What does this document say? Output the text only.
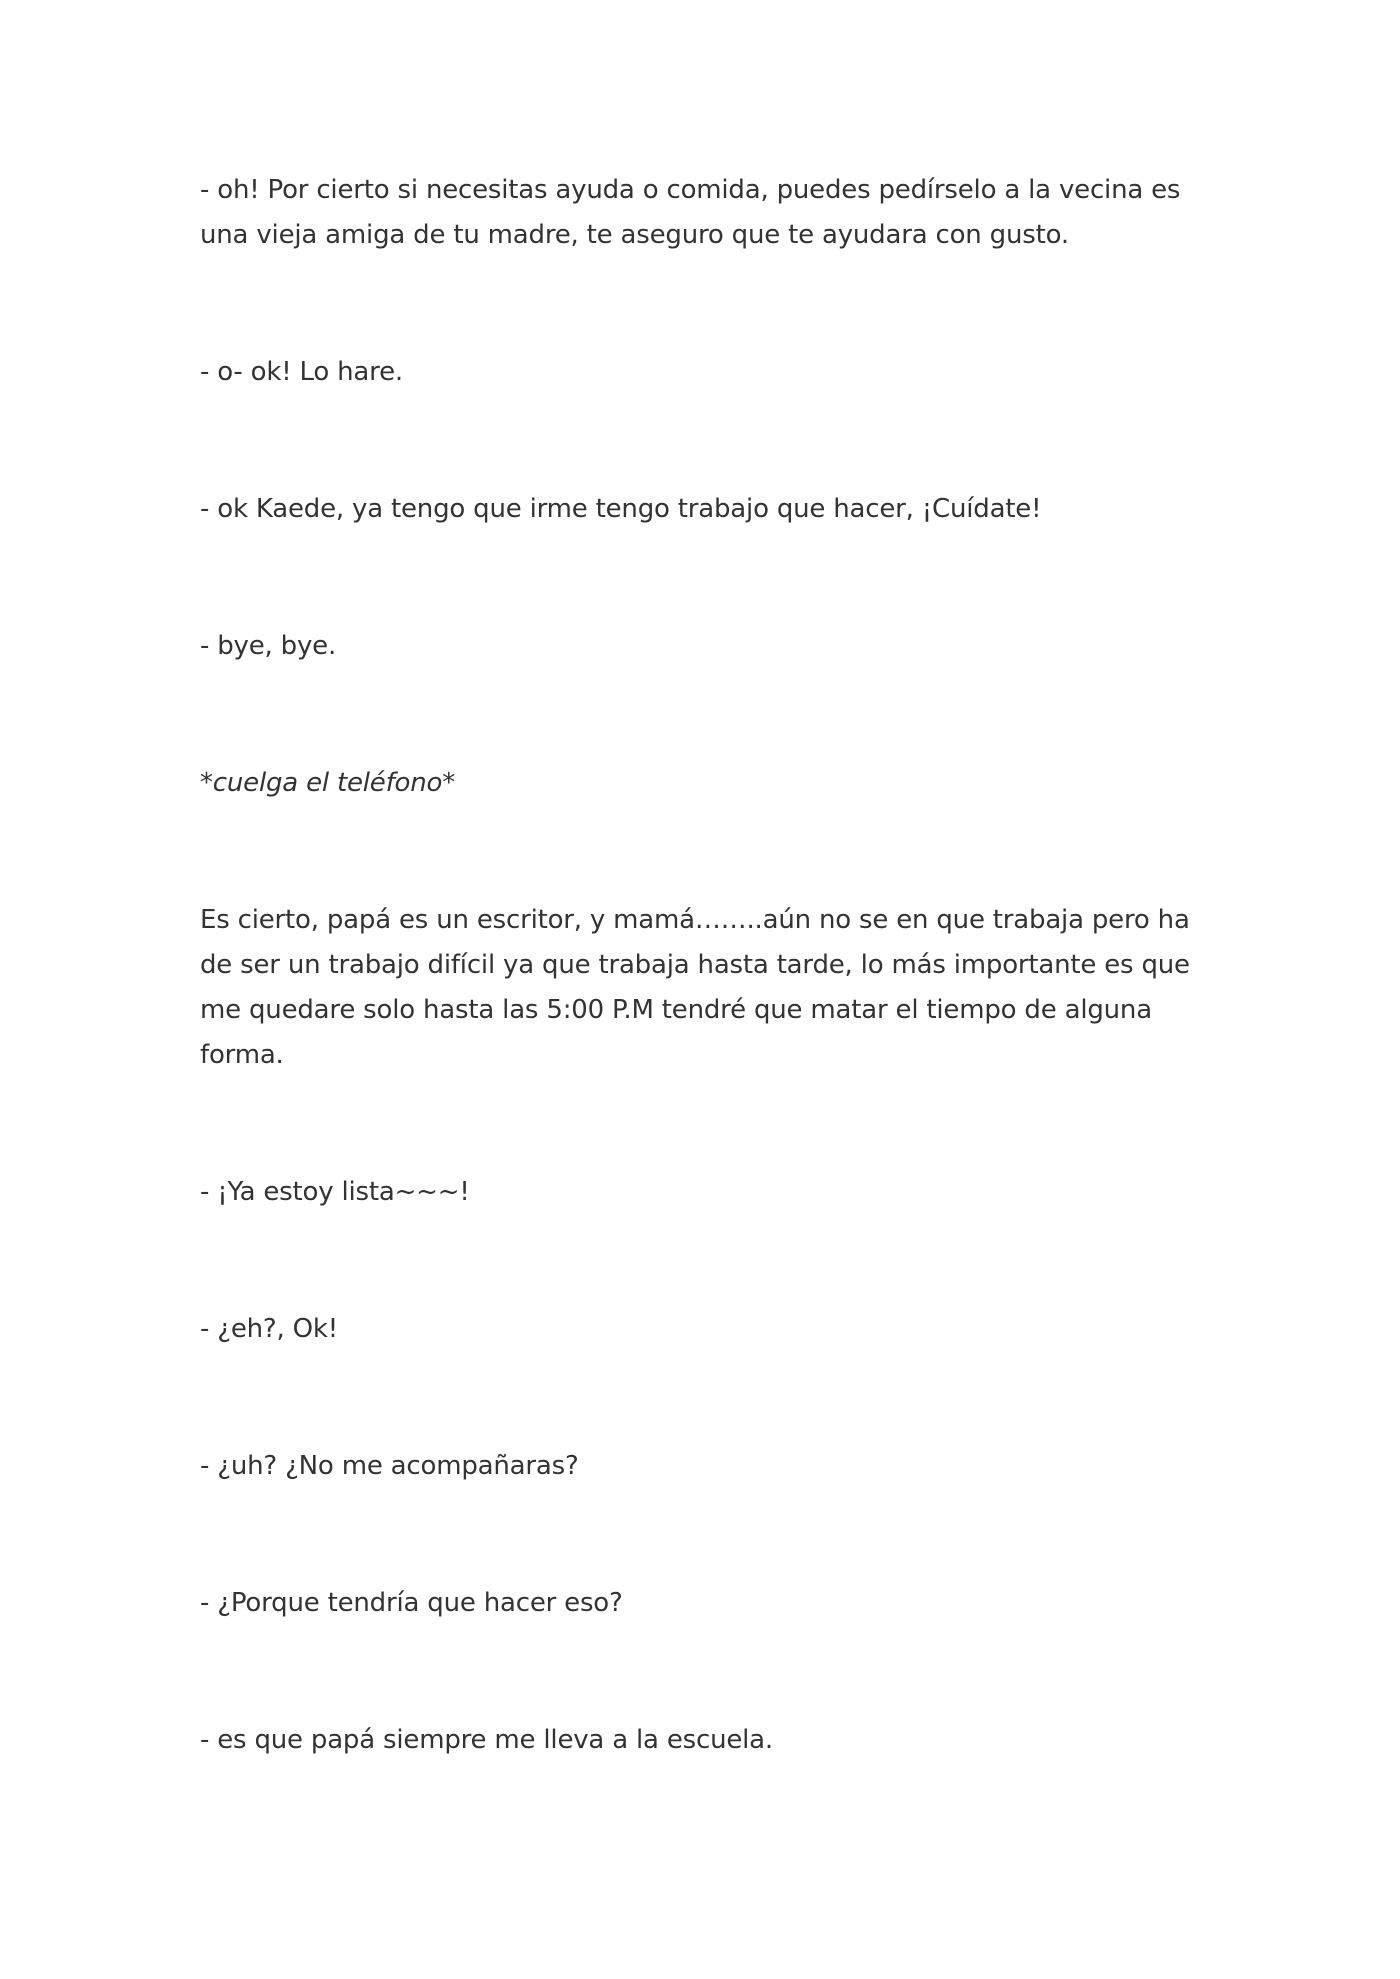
- oh! Por cierto si necesitas ayuda o comida, puedes pedírselo a la vecina es una vieja amiga de tu madre, te aseguro que te ayudara con gusto.

- o- ok! Lo hare.

- ok Kaede, ya tengo que irme tengo trabajo que hacer, ¡Cuídate!

- bye, bye.

*cuelga el teléfono*

Es cierto, papá es un escritor, y mamá……..aún no se en que trabaja pero ha de ser un trabajo difícil ya que trabaja hasta tarde, lo más importante es que me quedare solo hasta las 5:00 P.M tendré que matar el tiempo de alguna forma.

- ¡Ya estoy lista~~~!

- ¿eh?, Ok!

- ¿uh? ¿No me acompañaras?

- ¿Porque tendría que hacer eso?

- es que papá siempre me lleva a la escuela.
